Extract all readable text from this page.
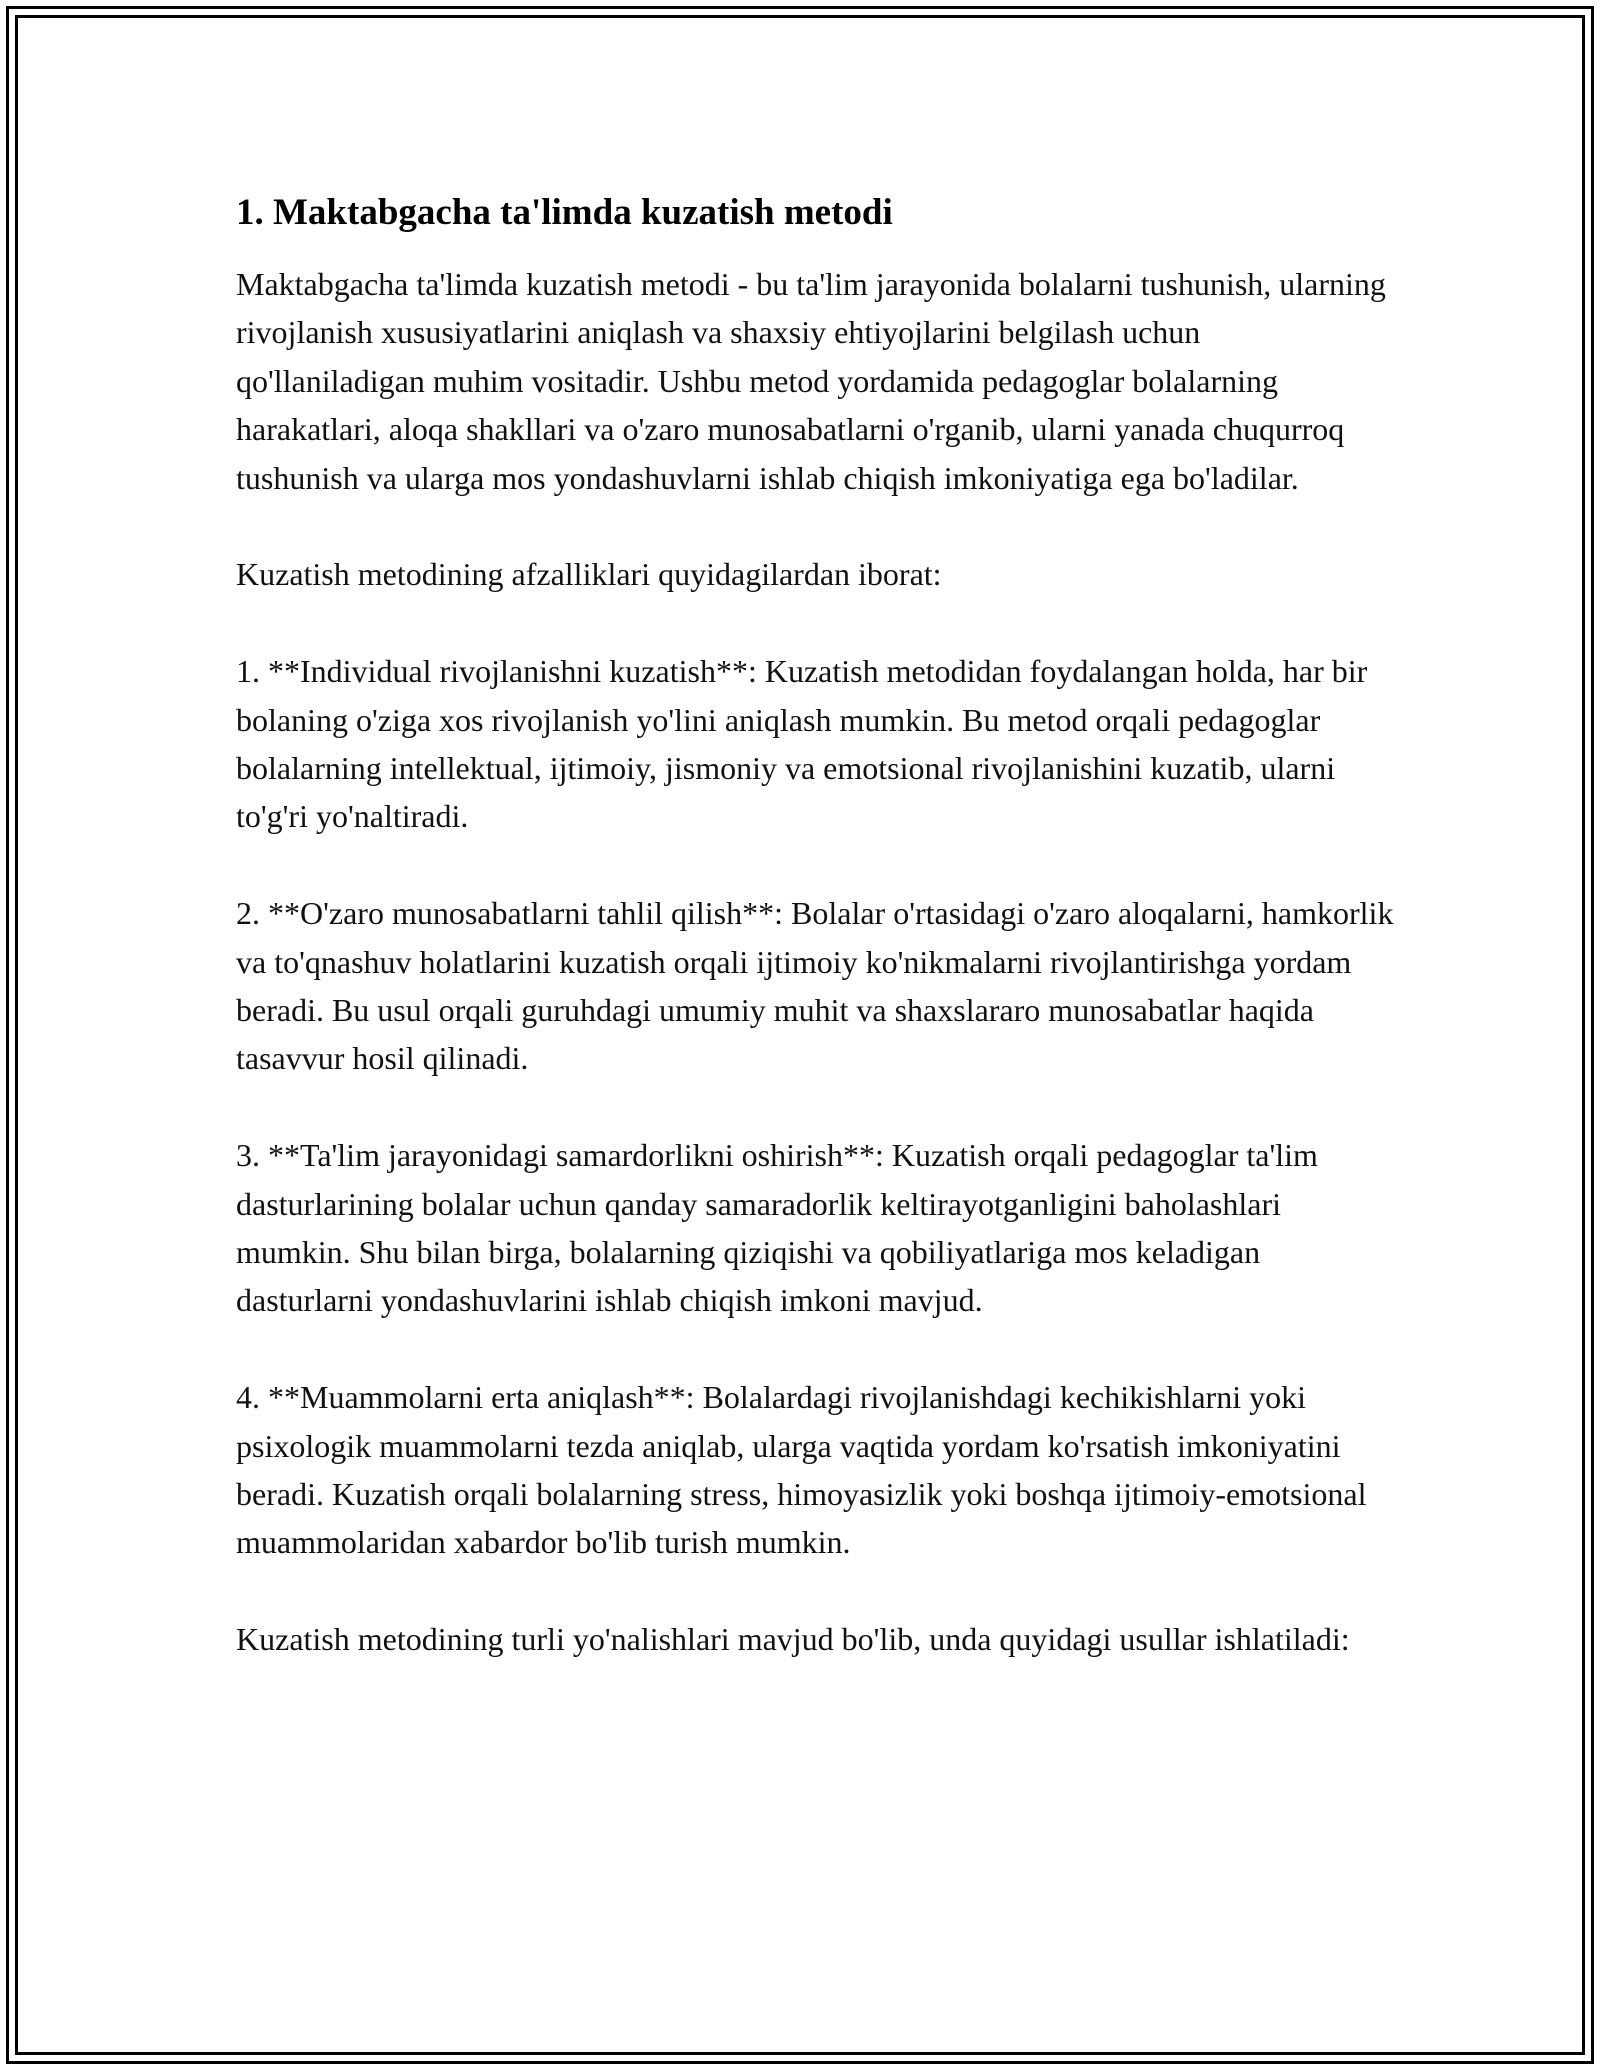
1. Maktabgacha ta'limda kuzatish metodi

Maktabgacha ta'limda kuzatish metodi - bu ta'lim jarayonida bolalarni tushunish, ularning rivojlanish xususiyatlarini aniqlash va shaxsiy ehtiyojlarini belgilash uchun qo'llaniladigan muhim vositadir. Ushbu metod yordamida pedagoglar bolalarning harakatlari, aloqa shakllari va o'zaro munosabatlarni o'rganib, ularni yanada chuqurroq tushunish va ularga mos yondashuvlarni ishlab chiqish imkoniyatiga ega bo'ladilar.

Kuzatish metodining afzalliklari quyidagilardan iborat:

1. **Individual rivojlanishni kuzatish**: Kuzatish metodidan foydalangan holda, har bir bolaning o'ziga xos rivojlanish yo'lini aniqlash mumkin. Bu metod orqali pedagoglar bolalarning intellektual, ijtimoiy, jismoniy va emotsional rivojlanishini kuzatib, ularni to'g'ri yo'naltiradi.

2. **O'zaro munosabatlarni tahlil qilish**: Bolalar o'rtasidagi o'zaro aloqalarni, hamkorlik va to'qnashuv holatlarini kuzatish orqali ijtimoiy ko'nikmalarni rivojlantirishga yordam beradi. Bu usul orqali guruhdagi umumiy muhit va shaxslararo munosabatlar haqida tasavvur hosil qilinadi.

3. **Ta'lim jarayonidagi samardorlikni oshirish**: Kuzatish orqali pedagoglar ta'lim dasturlarining bolalar uchun qanday samaradorlik keltirayotganligini baholashlari mumkin. Shu bilan birga, bolalarning qiziqishi va qobiliyatlariga mos keladigan dasturlarni yondashuvlarini ishlab chiqish imkoni mavjud.

4. **Muammolarni erta aniqlash**: Bolalardagi rivojlanishdagi kechikishlarni yoki psixologik muammolarni tezda aniqlab, ularga vaqtida yordam ko'rsatish imkoniyatini beradi. Kuzatish orqali bolalarning stress, himoyasizlik yoki boshqa ijtimoiy-emotsional muammolaridan xabardor bo'lib turish mumkin.

Kuzatish metodining turli yo'nalishlari mavjud bo'lib, unda quyidagi usullar ishlatiladi:
